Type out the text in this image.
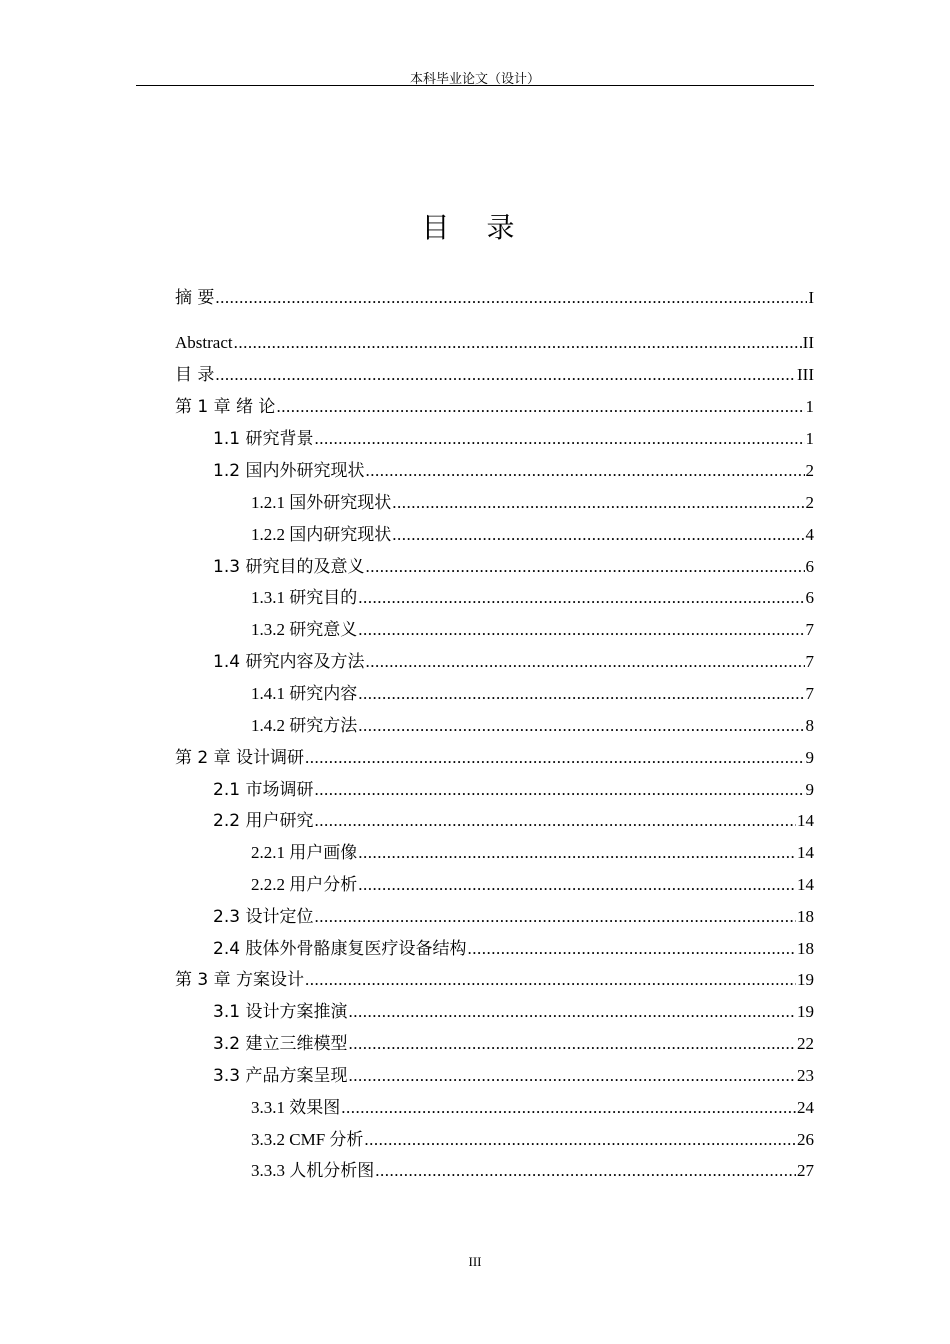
本科毕业论文（设计）
目 录
摘 要 .....	I
Abstract .....	II
目 录 .....	III
第 1 章 绪 论 .....	1
1.1 研究背景 .....	1
1.2 国内外研究现状 .....	2
1.2.1 国外研究现状 .....	2
1.2.2 国内研究现状 .....	4
1.3 研究目的及意义 .....	6
1.3.1 研究目的 .....	6
1.3.2 研究意义 .....	7
1.4 研究内容及方法 .....	7
1.4.1 研究内容 .....	7
1.4.2 研究方法 .....	8
第 2 章 设计调研 .....	9
2.1 市场调研 .....	9
2.2 用户研究 .....	14
2.2.1 用户画像 .....	14
2.2.2 用户分析 .....	14
2.3 设计定位 .....	18
2.4 肢体外骨骼康复医疗设备结构 .....	18
第 3 章 方案设计 .....	19
3.1 设计方案推演 .....	19
3.2 建立三维模型 .....	22
3.3 产品方案呈现 .....	23
3.3.1 效果图 .....	24
3.3.2 CMF 分析 .....	26
3.3.3 人机分析图 .....	27
III
